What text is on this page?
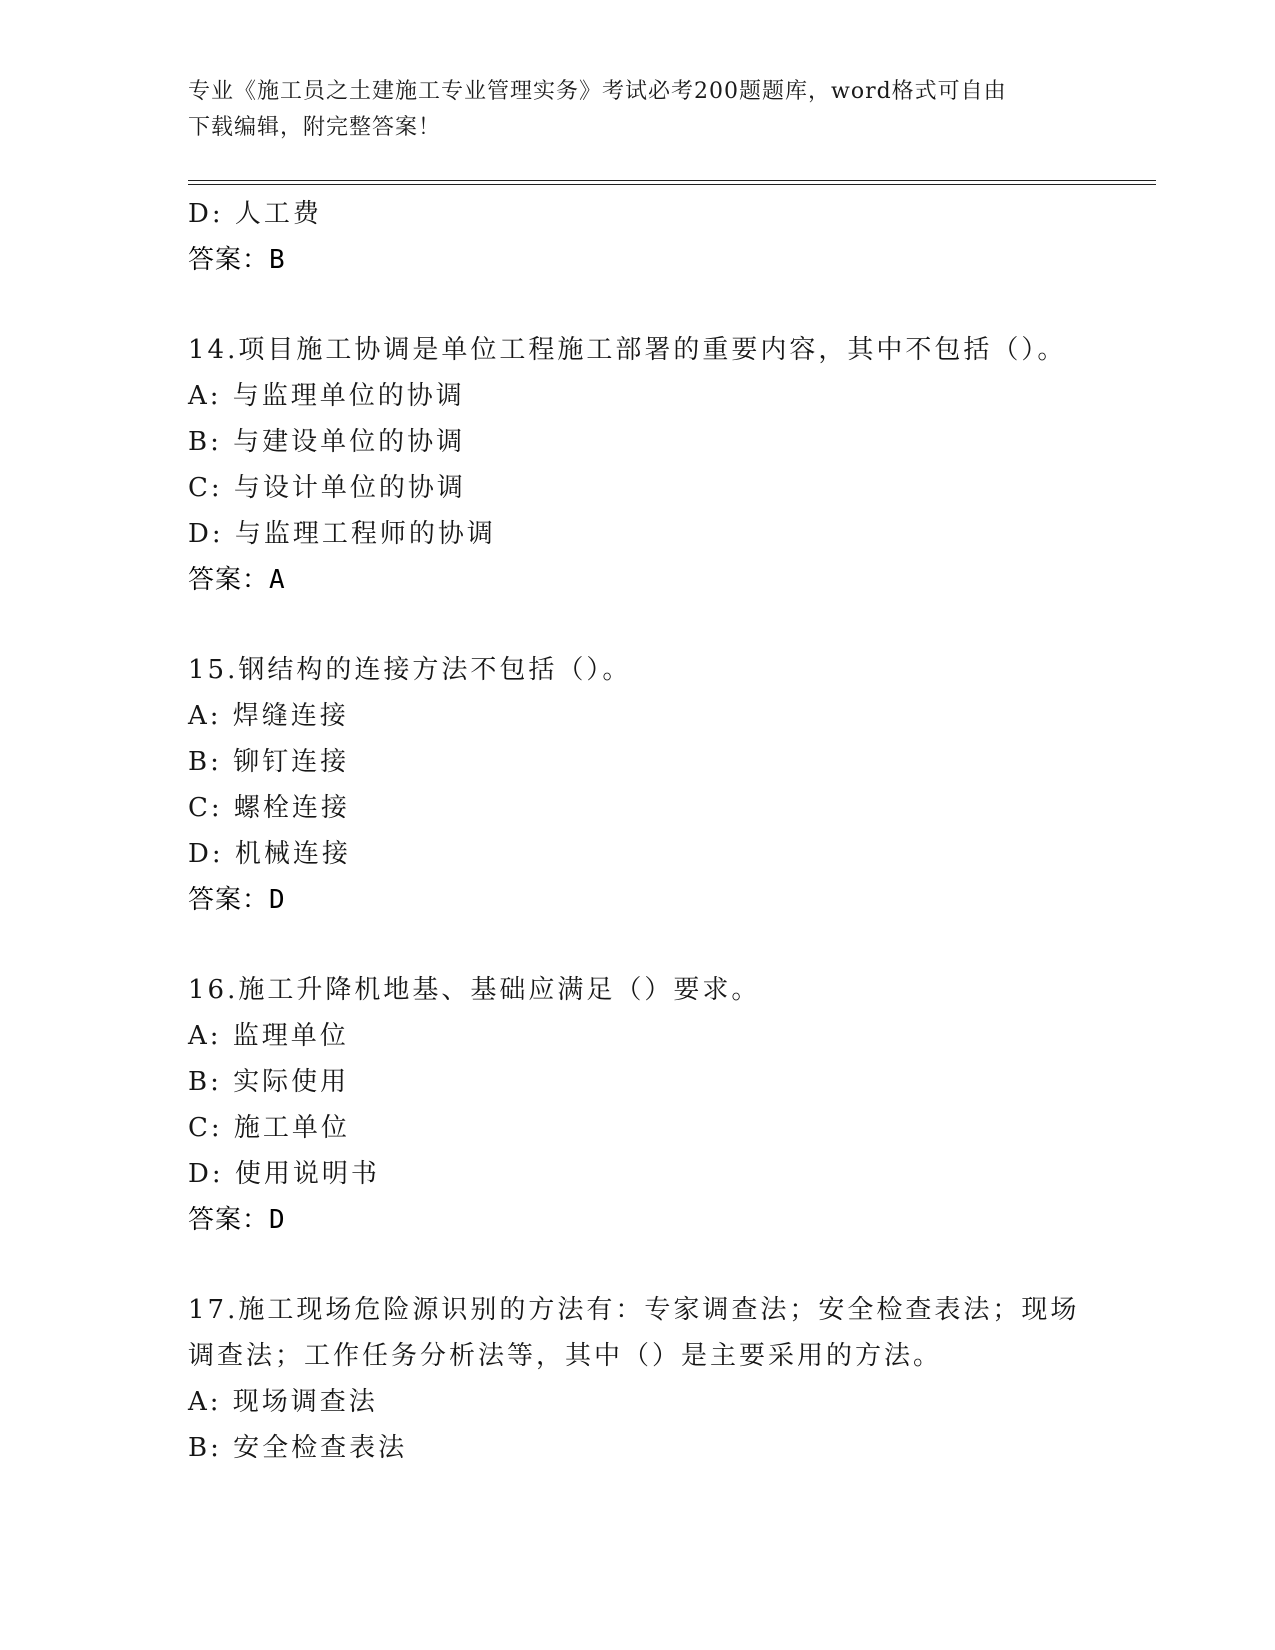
专业《施工员之土建施工专业管理实务》考试必考200题题库，word格式可自由
下载编辑，附完整答案！
D: 人工费
答案：B
14.项目施工协调是单位工程施工部署的重要内容，其中不包括（）。
A: 与监理单位的协调
B: 与建设单位的协调
C: 与设计单位的协调
D: 与监理工程师的协调
答案：A
15.钢结构的连接方法不包括（）。
A: 焊缝连接
B: 铆钉连接
C: 螺栓连接
D: 机械连接
答案：D
16.施工升降机地基、基础应满足（）要求。
A: 监理单位
B: 实际使用
C: 施工单位
D: 使用说明书
答案：D
17.施工现场危险源识别的方法有：专家调查法；安全检查表法；现场调查法；工作任务分析法等，其中（）是主要采用的方法。
A: 现场调查法
B: 安全检查表法
